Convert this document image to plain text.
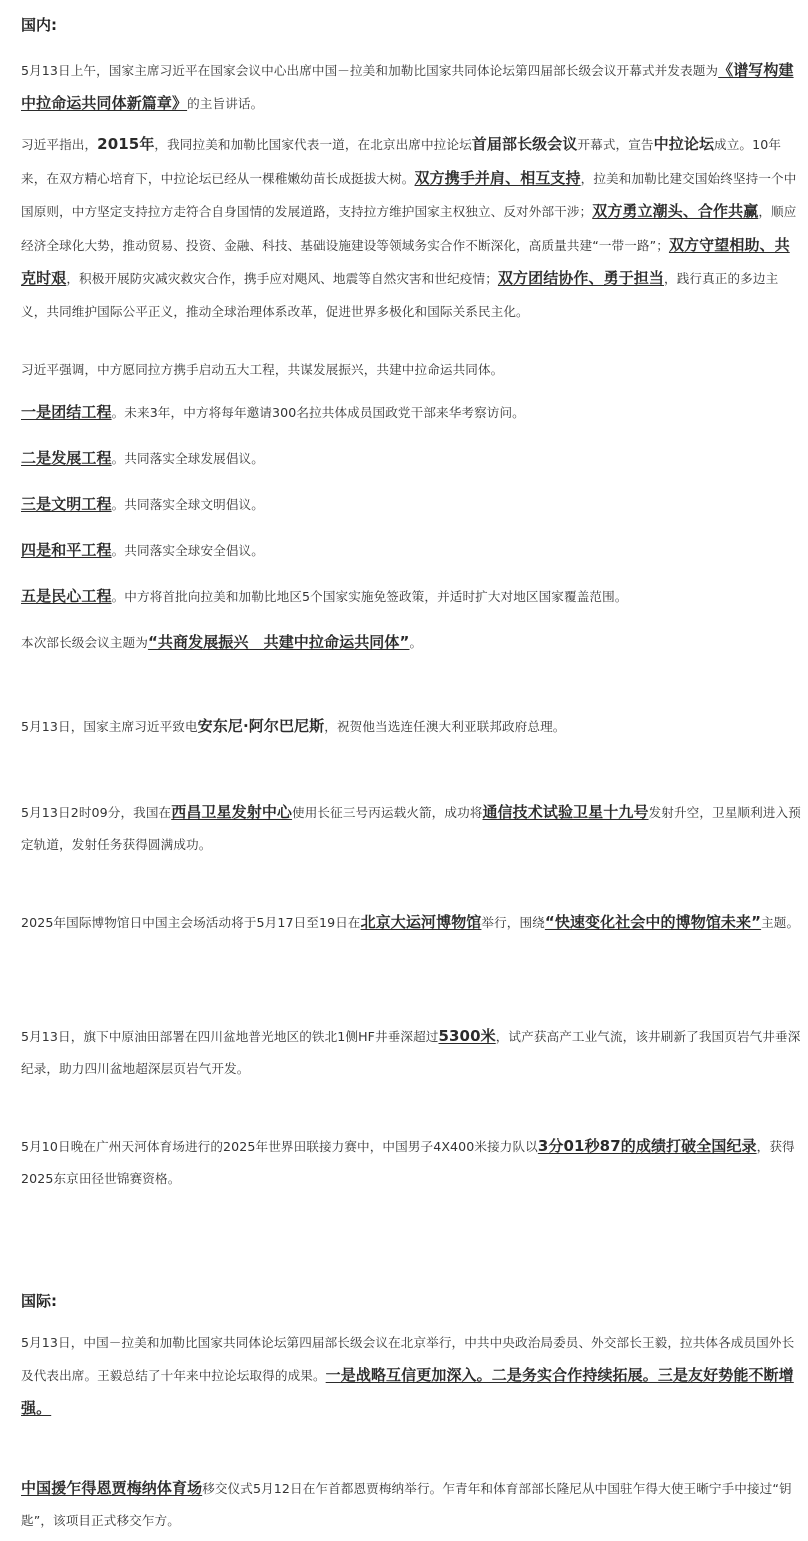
国内:

5月13日上午，国家主席习近平在国家会议中心出席中国－拉美和加勒比国家共同体论坛第四届部长级会议开幕式并发表题为《谱写构建中拉命运共同体新篇章》的主旨讲话。

习近平指出，2015年，我同拉美和加勒比国家代表一道，在北京出席中拉论坛首届部长级会议开幕式，宣告中拉论坛成立。10年来，在双方精心培育下，中拉论坛已经从一棵稚嫩幼苗长成挺拔大树。双方携手并肩、相互支持，拉美和加勒比建交国始终坚持一个中国原则，中方坚定支持拉方走符合自身国情的发展道路，支持拉方维护国家主权独立、反对外部干涉；双方勇立潮头、合作共赢，顺应经济全球化大势，推动贸易、投资、金融、科技、基础设施建设等领域务实合作不断深化，高质量共建“一带一路”；双方守望相助、共克时艰，积极开展防灾减灾救灾合作，携手应对飓风、地震等自然灾害和世纪疫情；双方团结协作、勇于担当，践行真正的多边主义，共同维护国际公平正义，推动全球治理体系改革，促进世界多极化和国际关系民主化。

习近平强调，中方愿同拉方携手启动五大工程，共谋发展振兴，共建中拉命运共同体。

一是团结工程。未来3年，中方将每年邀请300名拉共体成员国政党干部来华考察访问。

二是发展工程。共同落实全球发展倡议。

三是文明工程。共同落实全球文明倡议。

四是和平工程。共同落实全球安全倡议。

五是民心工程。中方将首批向拉美和加勒比地区5个国家实施免签政策，并适时扩大对地区国家覆盖范围。

本次部长级会议主题为“共商发展振兴　共建中拉命运共同体”。

5月13日，国家主席习近平致电安东尼·阿尔巴尼斯，祝贺他当选连任澳大利亚联邦政府总理。

5月13日2时09分，我国在西昌卫星发射中心使用长征三号丙运载火箭，成功将通信技术试验卫星十九号发射升空，卫星顺利进入预定轨道，发射任务获得圆满成功。

2025年国际博物馆日中国主会场活动将于5月17日至19日在北京大运河博物馆举行，围绕“快速变化社会中的博物馆未来”主题。

5月13日，旗下中原油田部署在四川盆地普光地区的铁北1侧HF井垂深超过5300米，试产获高产工业气流，该井刷新了我国页岩气井垂深纪录，助力四川盆地超深层页岩气开发。

5月10日晚在广州天河体育场进行的2025年世界田联接力赛中，中国男子4X400米接力队以3分01秒87的成绩打破全国纪录，获得2025东京田径世锦赛资格。

国际:

5月13日，中国－拉美和加勒比国家共同体论坛第四届部长级会议在北京举行，中共中央政治局委员、外交部长王毅，拉共体各成员国外长及代表出席。王毅总结了十年来中拉论坛取得的成果。一是战略互信更加深入。二是务实合作持续拓展。三是友好势能不断增强。

中国援乍得恩贾梅纳体育场移交仪式5月12日在乍首都恩贾梅纳举行。乍青年和体育部部长隆尼从中国驻乍得大使王晰宁手中接过“钥匙”，该项目正式移交乍方。
